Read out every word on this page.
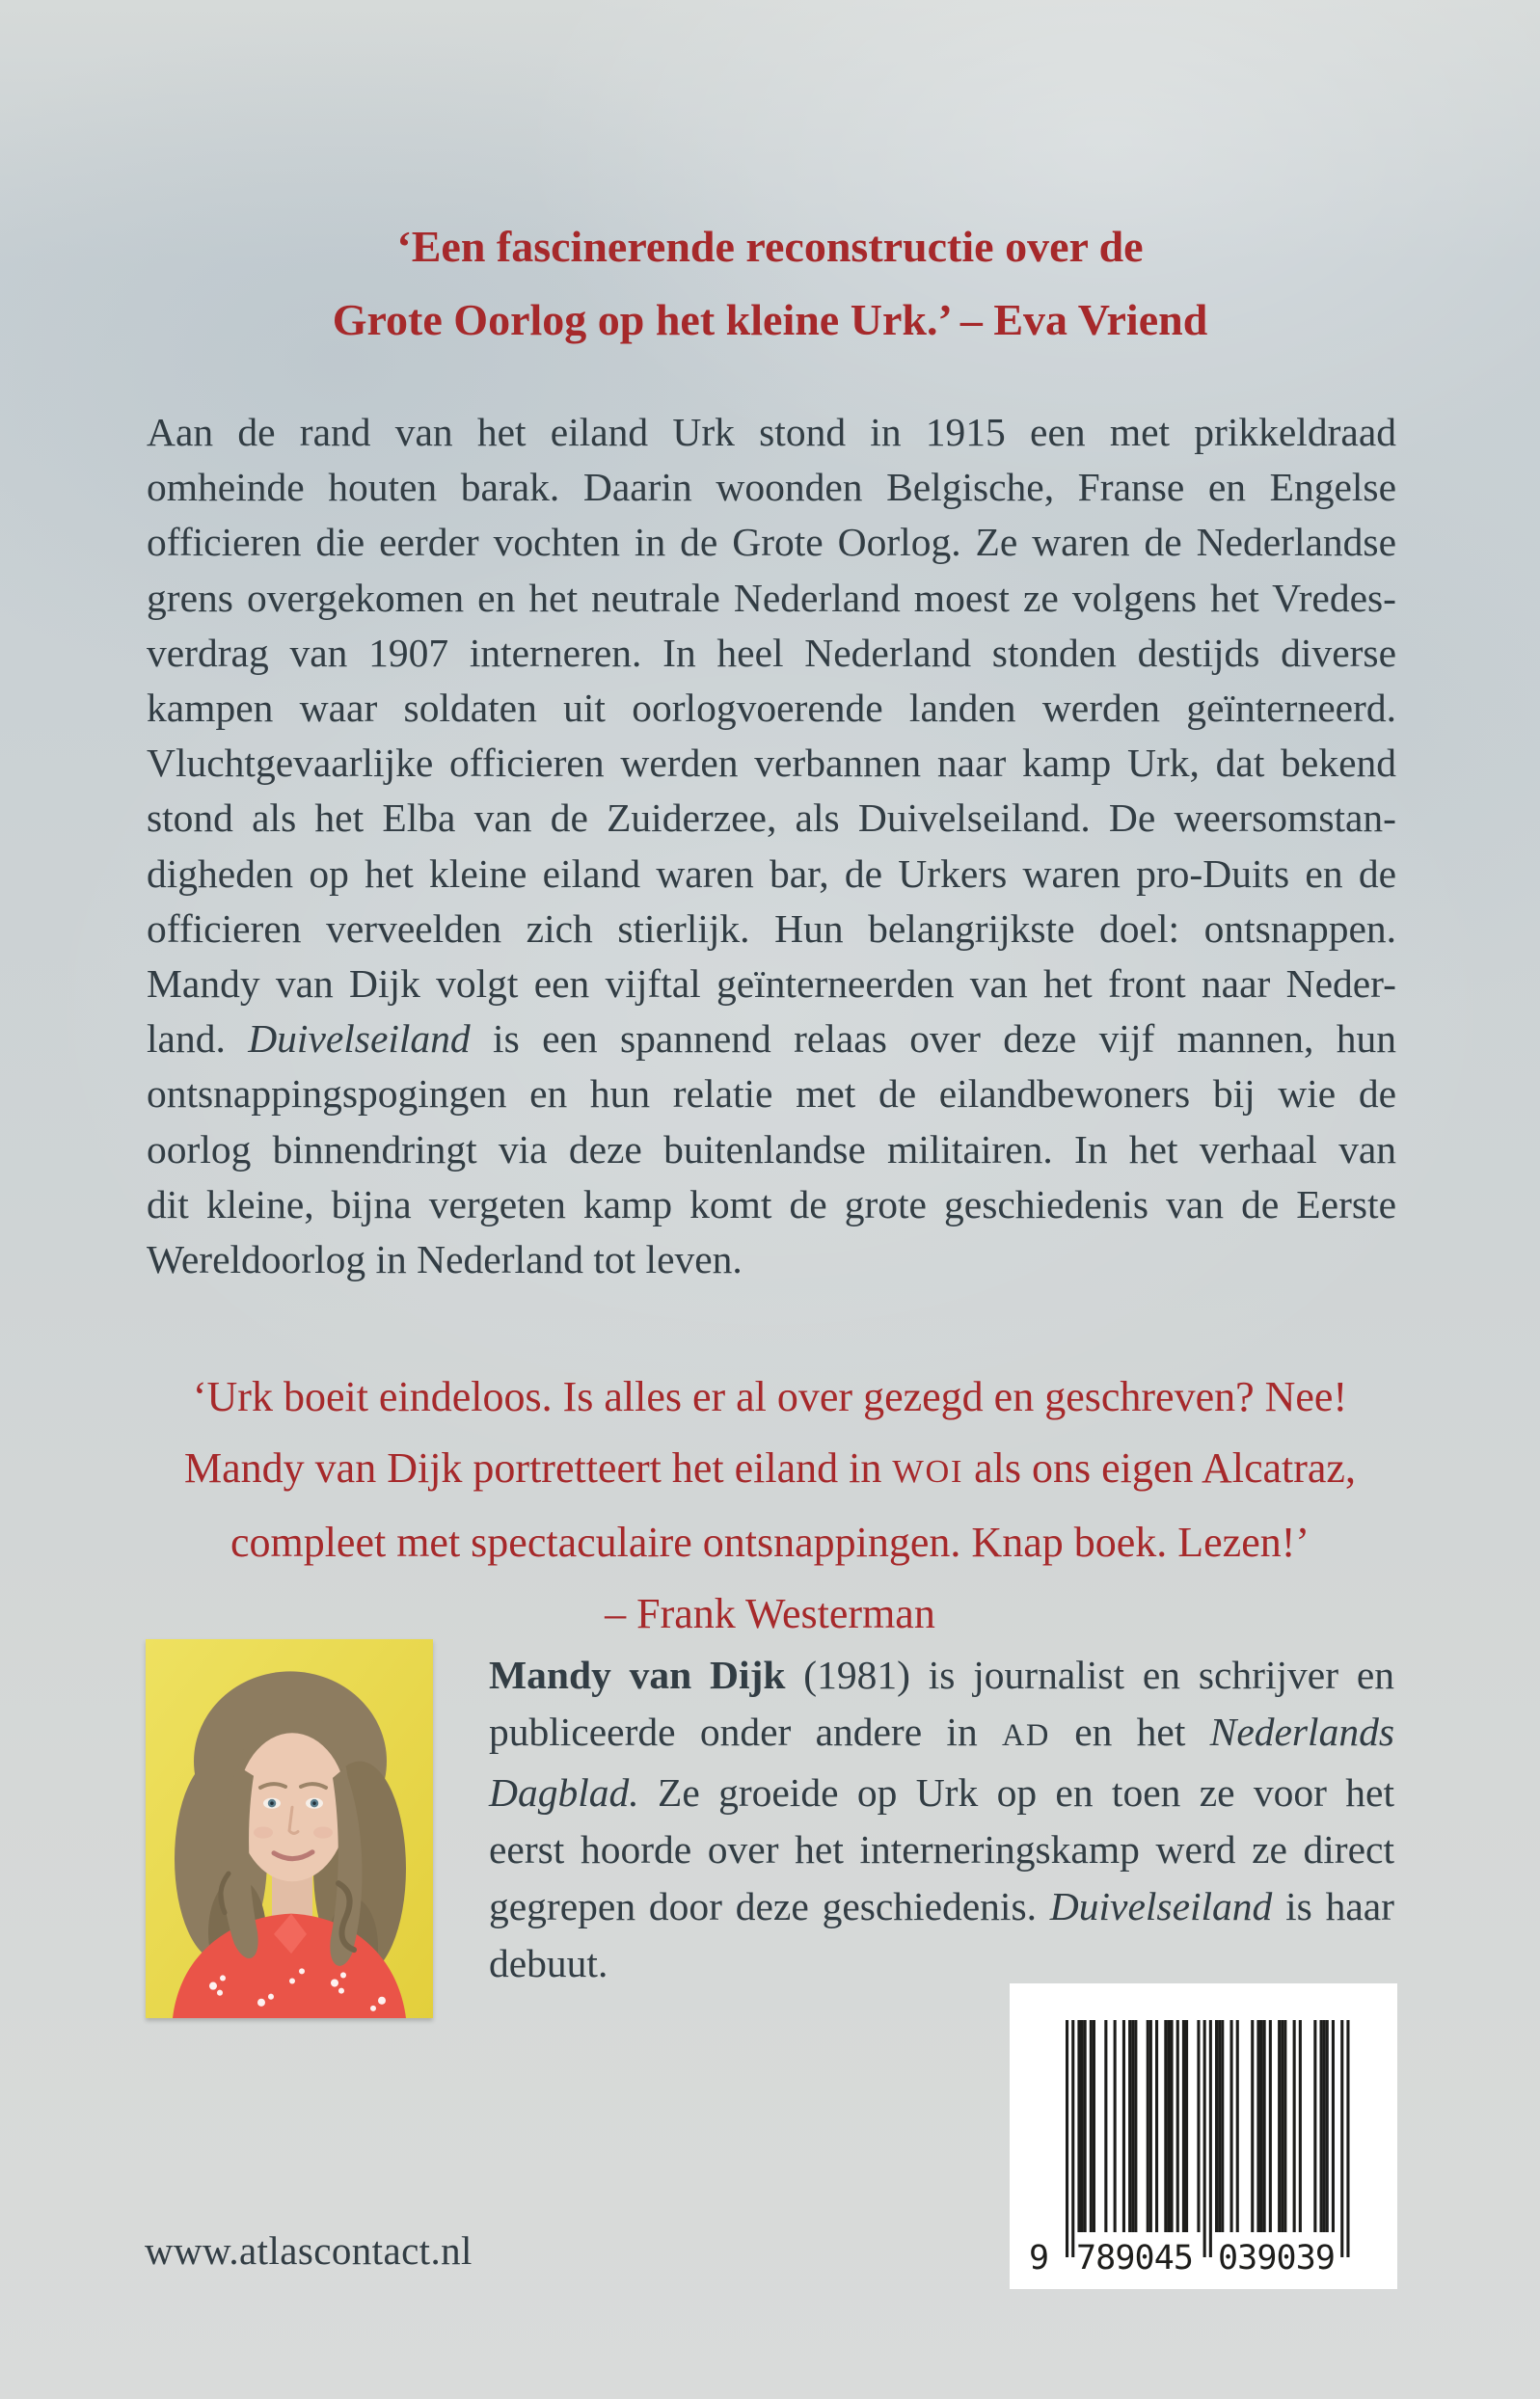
‘Een fascinerende reconstructie over de
Grote Oorlog op het kleine Urk.’ – Eva Vriend
Aan de rand van het eiland Urk stond in 1915 een met prikkeldraad
omheinde houten barak. Daarin woonden Belgische, Franse en Engelse
officieren die eerder vochten in de Grote Oorlog. Ze waren de Nederlandse
grens overgekomen en het neutrale Nederland moest ze volgens het Vredes-
verdrag van 1907 interneren. In heel Nederland stonden destijds diverse
kampen waar soldaten uit oorlogvoerende landen werden geïnterneerd.
Vluchtgevaarlijke officieren werden verbannen naar kamp Urk, dat bekend
stond als het Elba van de Zuiderzee, als Duivelseiland. De weersomstan-
digheden op het kleine eiland waren bar, de Urkers waren pro-Duits en de
officieren verveelden zich stierlijk. Hun belangrijkste doel: ontsnappen.
Mandy van Dijk volgt een vijftal geïnterneerden van het front naar Neder-
land. Duivelseiland is een spannend relaas over deze vijf mannen, hun
ontsnappingspogingen en hun relatie met de eilandbewoners bij wie de
oorlog binnendringt via deze buitenlandse militairen. In het verhaal van
dit kleine, bijna vergeten kamp komt de grote geschiedenis van de Eerste
Wereldoorlog in Nederland tot leven.
‘Urk boeit eindeloos. Is alles er al over gezegd en geschreven? Nee!
Mandy van Dijk portretteert het eiland in WOI als ons eigen Alcatraz,
compleet met spectaculaire ontsnappingen. Knap boek. Lezen!’
– Frank Westerman
Mandy van Dijk (1981) is journalist en schrijver en
publiceerde onder andere in AD en het Nederlands
Dagblad. Ze groeide op Urk op en toen ze voor het
eerst hoorde over het interneringskamp werd ze direct
gegrepen door deze geschiedenis. Duivelseiland is haar
debuut.
9 789045 039039
www.atlascontact.nl
